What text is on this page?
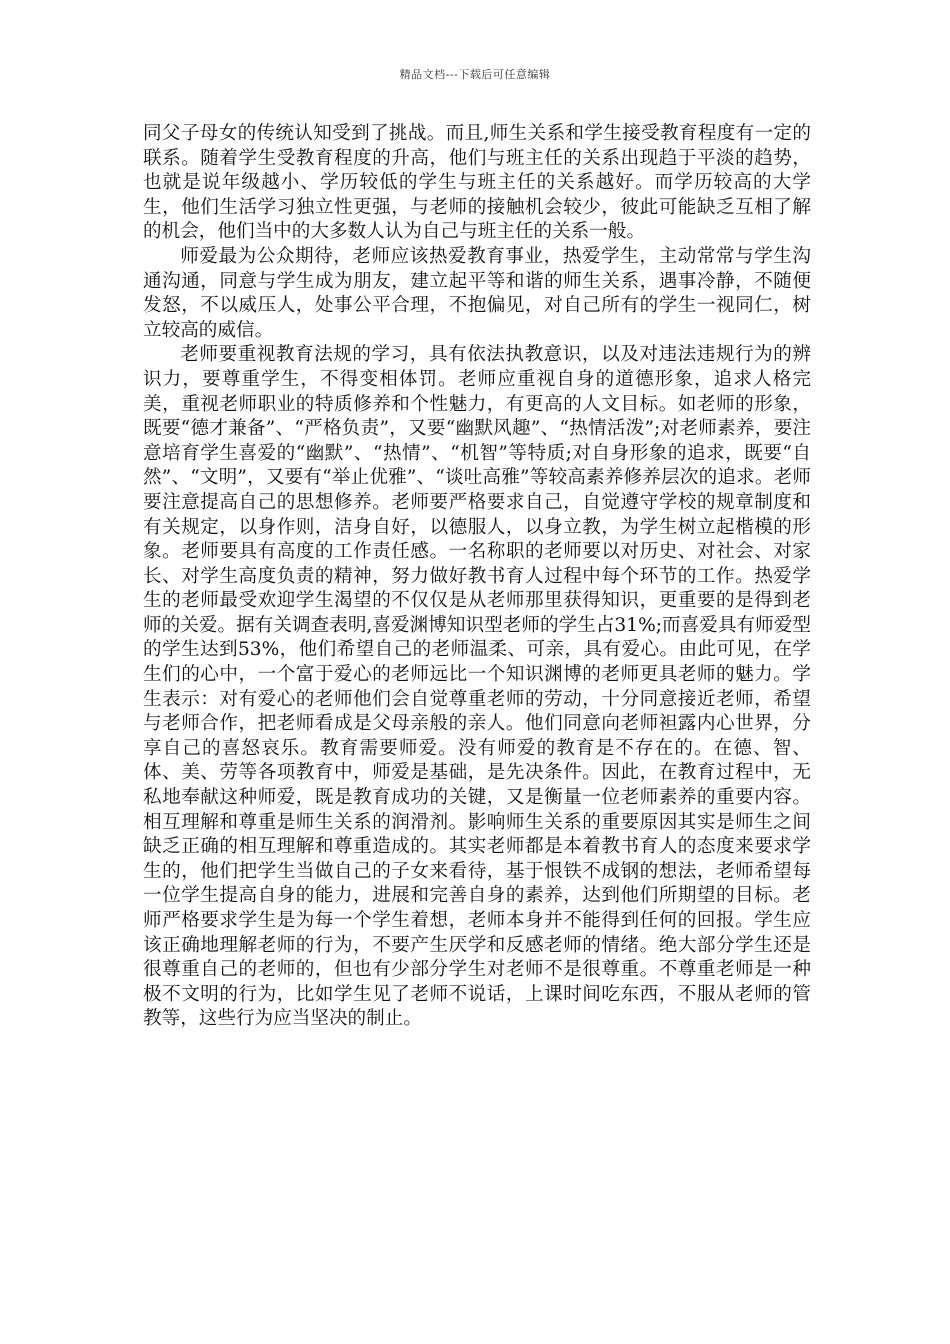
精品文档---下载后可任意编辑

同父子母女的传统认知受到了挑战。而且,师生关系和学生接受教育程度有一定的联系。随着学生受教育程度的升高，他们与班主任的关系出现趋于平淡的趋势，也就是说年级越小、学历较低的学生与班主任的关系越好。而学历较高的大学生，他们生活学习独立性更强，与老师的接触机会较少，彼此可能缺乏互相了解的机会，他们当中的大多数人认为自己与班主任的关系一般。

师爱最为公众期待，老师应该热爱教育事业，热爱学生，主动常常与学生沟通沟通，同意与学生成为朋友，建立起平等和谐的师生关系，遇事冷静，不随便发怒，不以威压人，处事公平合理，不抱偏见，对自己所有的学生一视同仁，树立较高的威信。

老师要重视教育法规的学习，具有依法执教意识，以及对违法违规行为的辨识力，要尊重学生，不得变相体罚。老师应重视自身的道德形象，追求人格完美，重视老师职业的特质修养和个性魅力，有更高的人文目标。如老师的形象，既要“德才兼备”、“严格负责”，又要“幽默风趣”、“热情活泼”;对老师素养，要注意培育学生喜爱的“幽默”、“热情”、“机智”等特质;对自身形象的追求，既要“自然”、“文明”，又要有“举止优雅”、“谈吐高雅”等较高素养修养层次的追求。老师要注意提高自己的思想修养。老师要严格要求自己，自觉遵守学校的规章制度和有关规定，以身作则，洁身自好，以德服人，以身立教，为学生树立起楷模的形象。老师要具有高度的工作责任感。一名称职的老师要以对历史、对社会、对家长、对学生高度负责的精神，努力做好教书育人过程中每个环节的工作。热爱学生的老师最受欢迎学生渴望的不仅仅是从老师那里获得知识，更重要的是得到老师的关爱。据有关调查表明,喜爱渊博知识型老师的学生占31%;而喜爱具有师爱型的学生达到53%，他们希望自己的老师温柔、可亲，具有爱心。由此可见，在学生们的心中，一个富于爱心的老师远比一个知识渊博的老师更具老师的魅力。学生表示：对有爱心的老师他们会自觉尊重老师的劳动，十分同意接近老师，希望与老师合作，把老师看成是父母亲般的亲人。他们同意向老师袒露内心世界，分享自己的喜怒哀乐。教育需要师爱。没有师爱的教育是不存在的。在德、智、体、美、劳等各项教育中，师爱是基础，是先决条件。因此，在教育过程中，无私地奉献这种师爱，既是教育成功的关键，又是衡量一位老师素养的重要内容。相互理解和尊重是师生关系的润滑剂。影响师生关系的重要原因其实是师生之间缺乏正确的相互理解和尊重造成的。其实老师都是本着教书育人的态度来要求学生的，他们把学生当做自己的子女来看待，基于恨铁不成钢的想法，老师希望每一位学生提高自身的能力，进展和完善自身的素养，达到他们所期望的目标。老师严格要求学生是为每一个学生着想，老师本身并不能得到任何的回报。学生应该正确地理解老师的行为，不要产生厌学和反感老师的情绪。绝大部分学生还是很尊重自己的老师的，但也有少部分学生对老师不是很尊重。不尊重老师是一种极不文明的行为，比如学生见了老师不说话，上课时间吃东西，不服从老师的管教等，这些行为应当坚决的制止。
